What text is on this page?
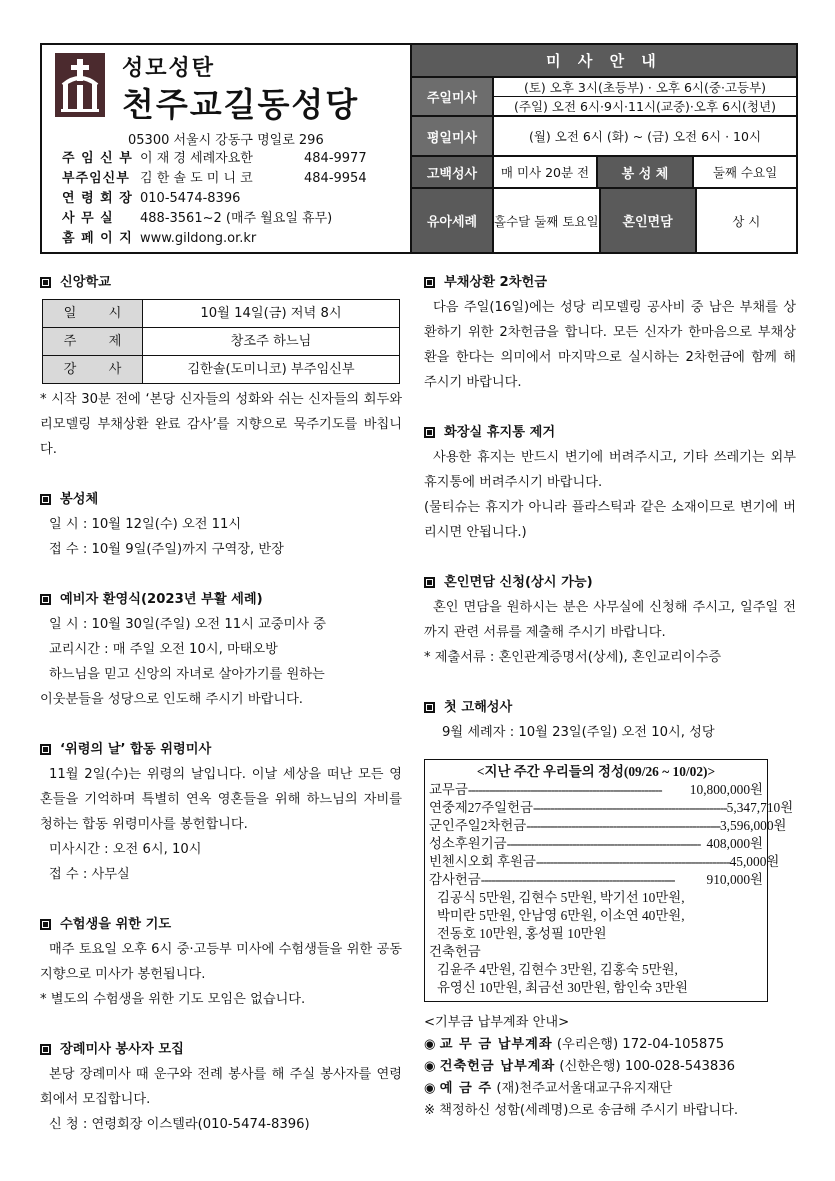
성모성탄
천주교길동성당
05300 서울시 강동구 명일로 296
주 임 신 부 이 재 경 세례자요한	484-9977
부주임신부 김 한 솔 도 미 니 코	484-9954
연 령 회 장 010-5474-8396
사 무 실	488-3561~2 (매주 월요일 휴무)
홈 페 이 지 www.gildong.or.kr
미 사 안 내
주일미사
(토) 오후 3시(초등부) · 오후 6시(중·고등부)
(주일) 오전 6시·9시·11시(교중)·오후 6시(청년)
평일미사	(월) 오전 6시 (화) ~ (금) 오전 6시 · 10시
고백성사	매 미사 20분 전	봉 성 체	둘째 수요일
유아세례	홀수달 둘째 토요일	혼인면담	상 시
신앙학교
일 시	10월 14일(금) 저녁 8시
주 제	창조주 하느님
강 사	김한솔(도미니코) 부주임신부
* 시작 30분 전에 ‘본당 신자들의 성화와 쉬는 신자들의 회두와 리모델링 부채상환 완료 감사’를 지향으로 묵주기도를 바칩니다.
봉성체
일 시 : 10월 12일(수) 오전 11시
접 수 : 10월 9일(주일)까지 구역장, 반장
예비자 환영식(2023년 부활 세례)
일 시 : 10월 30일(주일) 오전 11시 교중미사 중
교리시간 : 매 주일 오전 10시, 마태오방
하느님을 믿고 신앙의 자녀로 살아가기를 원하는
이웃분들을 성당으로 인도해 주시기 바랍니다.
‘위령의 날’ 합동 위령미사
11월 2일(수)는 위령의 날입니다. 이날 세상을 떠난 모든 영혼들을 기억하며 특별히 연옥 영혼들을 위해 하느님의 자비를 청하는 합동 위령미사를 봉헌합니다.
미사시간 : 오전 6시, 10시
접 수 : 사무실
수험생을 위한 기도
매주 토요일 오후 6시 중·고등부 미사에 수험생들을 위한 공동 지향으로 미사가 봉헌됩니다.
* 별도의 수험생을 위한 기도 모임은 없습니다.
장례미사 봉사자 모집
본당 장례미사 때 운구와 전례 봉사를 해 주실 봉사자를 연령회에서 모집합니다.
신 청 : 연령회장 이스텔라(010-5474-8396)
부채상환 2차헌금
다음 주일(16일)에는 성당 리모델링 공사비 중 남은 부채를 상환하기 위한 2차헌금을 합니다. 모든 신자가 한마음으로 부채상환을 한다는 의미에서 마지막으로 실시하는 2차헌금에 함께 해 주시기 바랍니다.
화장실 휴지통 제거
사용한 휴지는 반드시 변기에 버려주시고, 기타 쓰레기는 외부 휴지통에 버려주시기 바랍니다.
(물티슈는 휴지가 아니라 플라스틱과 같은 소재이므로 변기에 버리시면 안됩니다.)
혼인면담 신청(상시 가능)
혼인 면담을 원하시는 분은 사무실에 신청해 주시고, 일주일 전까지 관련 서류를 제출해 주시기 바랍니다.
* 제출서류 : 혼인관계증명서(상세), 혼인교리이수증
첫 고해성사
9월 세례자 : 10월 23일(주일) 오전 10시, 성당
<지난 주간 우리들의 정성(09/26 ~ 10/02)>
교무금 --------------------------------------------------------	10,800,000원
연중제27주일헌금 -------------------------------------------------------- 5,347,710원
군인주일2차헌금 -------------------------------------------------------- 3,596,000원
성소후원기금 -------------------------------------------------------- 408,000원
빈첸시오회 후원금 -------------------------------------------------------- 45,000원
감사헌금 --------------------------------------------------------	910,000원
김공식 5만원, 김현수 5만원, 박기선 10만원,
박미란 5만원, 안남영 6만원, 이소연 40만원,
전동호 10만원, 홍성필 10만원
건축헌금
김윤주 4만원, 김현수 3만원, 김홍숙 5만원,
유영신 10만원, 최금선 30만원, 함인숙 3만원
<기부금 납부계좌 안내>
◉ 교 무 금 납부계좌 (우리은행) 172-04-105875
◉ 건축헌금 납부계좌 (신한은행) 100-028-543836
◉ 예 금 주 (재)천주교서울대교구유지재단
※ 책정하신 성함(세례명)으로 송금해 주시기 바랍니다.
